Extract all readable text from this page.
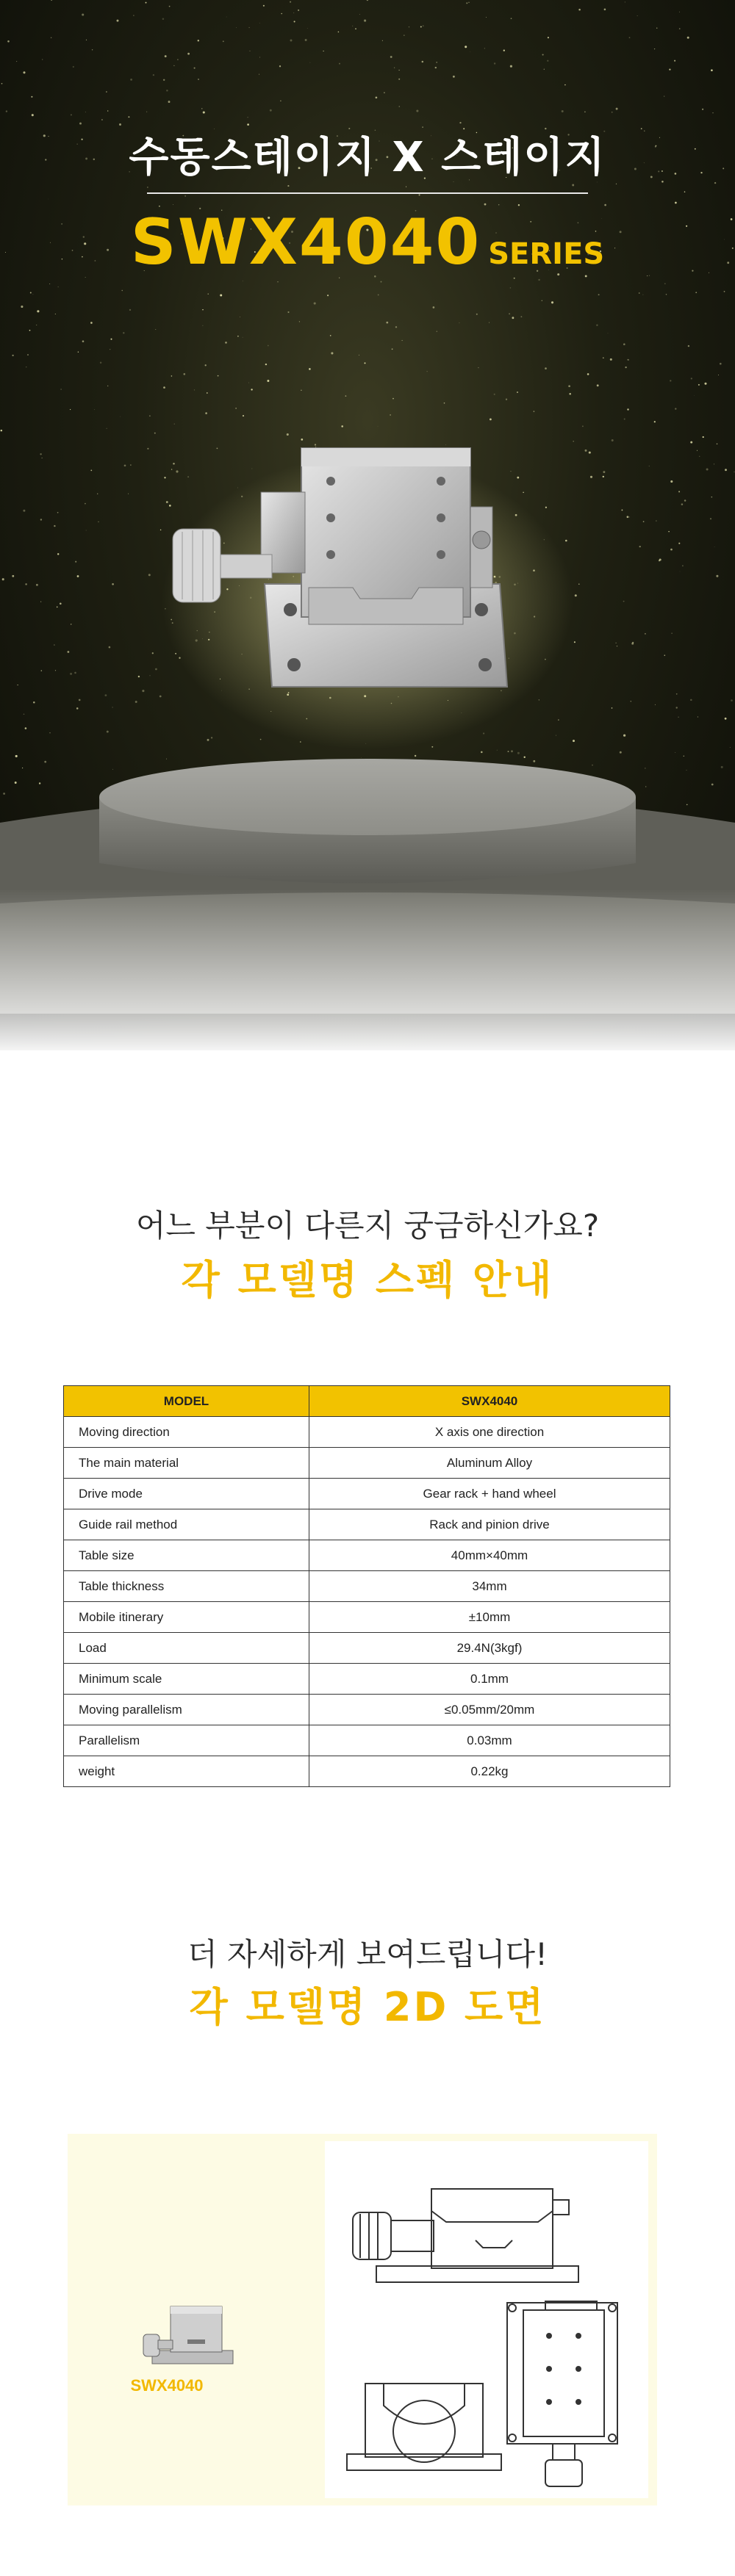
수동스테이지 X 스테이지
SWX4040 SERIES
어느 부분이 다른지 궁금하신가요?
각 모델명 스펙 안내
MODEL	SWX4040
Moving direction	X axis one direction
The main material	Aluminum Alloy
Drive mode	Gear rack + hand wheel
Guide rail method	Rack and pinion drive
Table size	40mm×40mm
Table thickness	34mm
Mobile itinerary	±10mm
Load	29.4N(3kgf)
Minimum scale	0.1mm
Moving parallelism	≤0.05mm/20mm
Parallelism	0.03mm
weight	0.22kg
더 자세하게 보여드립니다!
각 모델명 2D 도면
SWX4040
